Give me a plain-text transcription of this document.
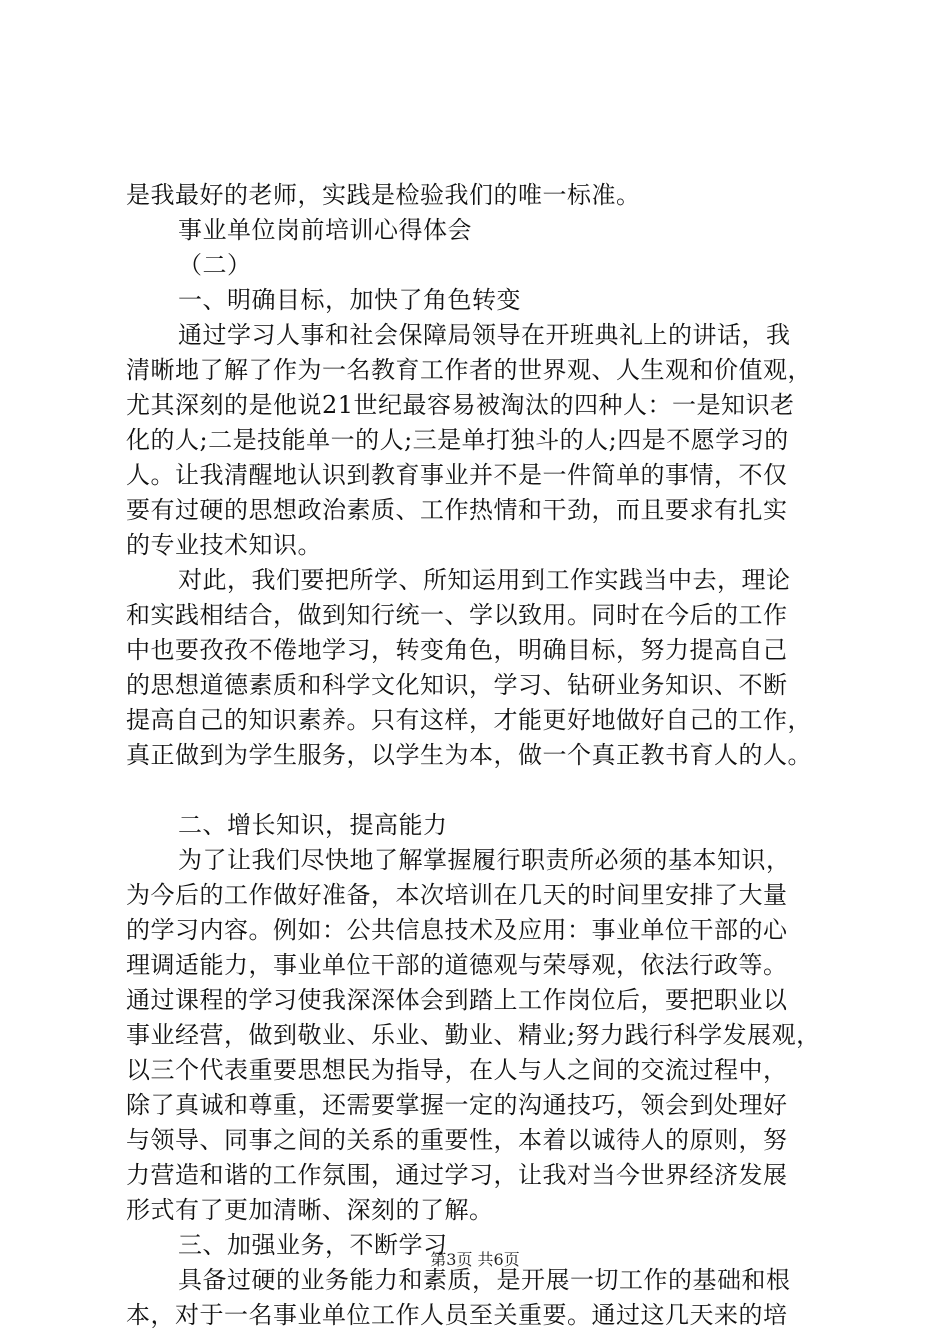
是我最好的老师，实践是检验我们的唯一标准。
事业单位岗前培训心得体会
（二）
一、明确目标，加快了角色转变
通过学习人事和社会保障局领导在开班典礼上的讲话，我
清晰地了解了作为一名教育工作者的世界观、人生观和价值观，
尤其深刻的是他说21世纪最容易被淘汰的四种人：一是知识老
化的人;二是技能单一的人;三是单打独斗的人;四是不愿学习的
人。让我清醒地认识到教育事业并不是一件简单的事情，不仅
要有过硬的思想政治素质、工作热情和干劲，而且要求有扎实
的专业技术知识。
对此，我们要把所学、所知运用到工作实践当中去，理论
和实践相结合，做到知行统一、学以致用。同时在今后的工作
中也要孜孜不倦地学习，转变角色，明确目标，努力提高自己
的思想道德素质和科学文化知识，学习、钻研业务知识、不断
提高自己的知识素养。只有这样，才能更好地做好自己的工作，
真正做到为学生服务，以学生为本，做一个真正教书育人的人。
二、增长知识，提高能力
为了让我们尽快地了解掌握履行职责所必须的基本知识，
为今后的工作做好准备，本次培训在几天的时间里安排了大量
的学习内容。例如：公共信息技术及应用：事业单位干部的心
理调适能力，事业单位干部的道德观与荣辱观，依法行政等。
通过课程的学习使我深深体会到踏上工作岗位后，要把职业以
事业经营，做到敬业、乐业、勤业、精业;努力践行科学发展观，
以三个代表重要思想民为指导，在人与人之间的交流过程中，
除了真诚和尊重，还需要掌握一定的沟通技巧，领会到处理好
与领导、同事之间的关系的重要性，本着以诚待人的原则，努
力营造和谐的工作氛围，通过学习，让我对当今世界经济发展
形式有了更加清晰、深刻的了解。
三、加强业务，不断学习
具备过硬的业务能力和素质，是开展一切工作的基础和根
本，对于一名事业单位工作人员至关重要。通过这几天来的培
第3页 共6页
